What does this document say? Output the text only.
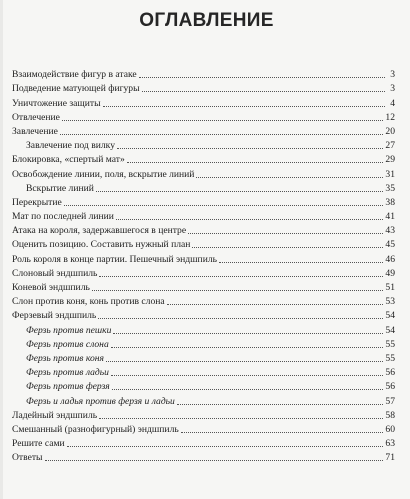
ОГЛАВЛЕНИЕ
Взаимодействие фигур в атаке	3
Подведение матующей фигуры	3
Уничтожение защиты	4
Отвлечение	12
Завлечение	20
Завлечение под вилку	27
Блокировка, «спертый мат»	29
Освобождение линии, поля, вскрытие линий	31
Вскрытие линий	35
Перекрытие	38
Мат по последней линии	41
Атака на короля, задержавшегося в центре	43
Оценить позицию. Составить нужный план	45
Роль короля в конце партии. Пешечный эндшпиль	46
Слоновый эндшпиль	49
Коневой эндшпиль	51
Слон против коня, конь против слона	53
Ферзевый эндшпиль	54
Ферзь против пешки	54
Ферзь против слона	55
Ферзь против коня	55
Ферзь против ладьи	56
Ферзь против ферзя	56
Ферзь и ладья против ферзя и ладьи	57
Ладейный эндшпиль	58
Смешанный (разнофигурный) эндшпиль	60
Решите сами	63
Ответы	71
